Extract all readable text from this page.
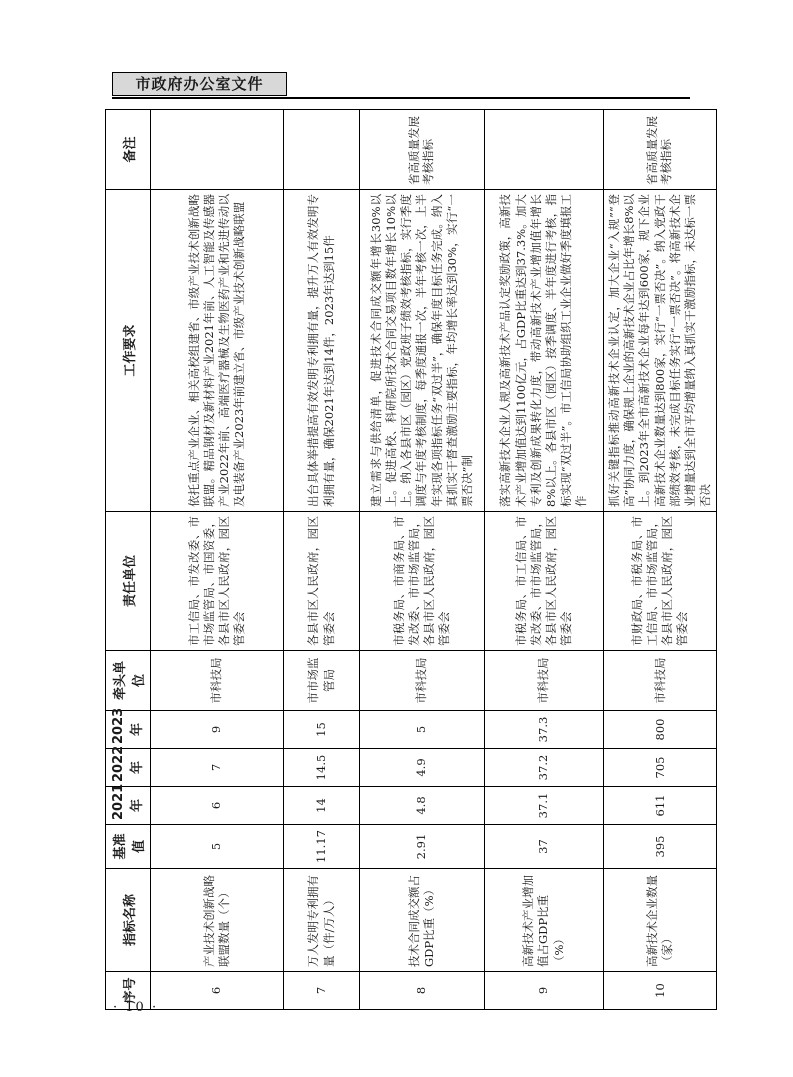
市政府办公室文件
序号	指标名称	基准值	2021年	2022年	2023年	牵头单位	责任单位	工作要求	备注
6	产业技术创新战略联盟数量（个）	5	6	7	9	市科技局	市工信局、市发改委、市市场监管局、市国资委，各县市区人民政府，园区管委会	依托重点产业企业、相关高校组建省、市级产业技术创新战略联盟。精品钢材及新材料产业2021年前、人工智能及传感器产业2022年前、高端医疗器械及生物医药产业和先进传动以及电装备产业2023年前建立省、市级产业技术创新战略联盟	
7	万人发明专利拥有量（件/万人）	11.17	14	14.5	15	市市场监管局	各县市区人民政府，园区管委会	出台具体举措提高有效发明专利拥有量，提升万人有效发明专利拥有量，确保2021年达到14件，2023年达到15件	
8	技术合同成交额占GDP比重（%）	2.91	4.8	4.9	5	市科技局	市税务局、市商务局、市发改委、市市场监管局，各县市区人民政府，园区管委会	建立需求与供给清单，促进技术合同成交额年增长30%以上。促进高校、科研院所技术合同交易项目数年增长10%以上。纳入各县市区（园区）党政班子绩效考核指标，实行季度调度与年度考核制度，每季度通报一次，半年考核一次，上半年实现各项指标任务“双过半”，确保年度目标任务完成。纳入真抓实干督查激励主要指标，年均增长率达到30%，实行“一票否决”制	省高质量发展考核指标
9	高新技术产业增加值占GDP比重（%）	37	37.1	37.2	37.3	市科技局	市税务局、市工信局、市发改委、市市场监管局，各县市区人民政府，园区管委会	落实高新技术企业人规及高新技术产品认定奖励政策，高新技术产业增加值达到1100亿元，占GDP比重达到37.3%。加大专利及创新成果转化力度，带动高新技术产业增加值年增长8%以上。各县市区（园区）按季调度、半年度进行考核，指标实现“双过半”。市工信局协助组织工业企业做好季度填报工作	
10	高新技术企业数量（家）	395	611	705	800	市科技局	市财政局、市税务局、市工信局、市市场监管局，各县市区人民政府，园区管委会	抓好关键指标推动高新技术企业认定，加大企业“入规”“登高”协同力度，确保规上企业的高新技术企业占比年增长8%以上。到2023年全市高新技术企业每年达到600家，规下企业高新技术企业数量达到800家，实行“一票否决”。纳入党政干部绩效考核，未完成目标任务实行“一票否决”。将高新技术企业增量达到全市平均增量纳入真抓实干激励指标，未达标一票否决	省高质量发展考核指标
· 10 ·
